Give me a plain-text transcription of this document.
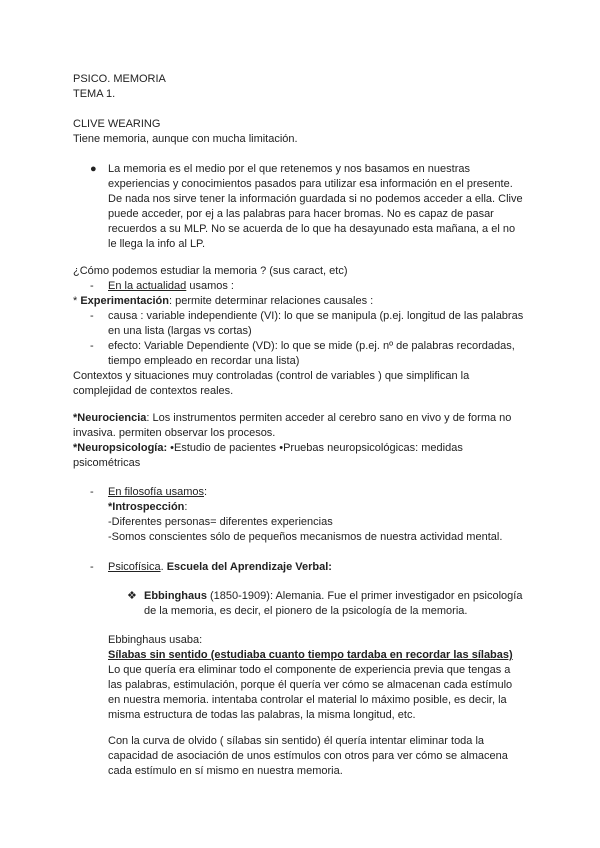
PSICO. MEMORIA
TEMA 1.
CLIVE WEARING
Tiene memoria, aunque con mucha limitación.
● La memoria es el medio por el que retenemos y nos basamos en nuestras
experiencias y conocimientos pasados para utilizar esa información en el presente.
De nada nos sirve tener la información guardada si no podemos acceder a ella. Clive
puede acceder, por ej a las palabras para hacer bromas. No es capaz de pasar
recuerdos a su MLP. No se acuerda de lo que ha desayunado esta mañana, a el no
le llega la info al LP.
¿Cómo podemos estudiar la memoria ? (sus caract, etc)
- En la actualidad usamos :
* Experimentación: permite determinar relaciones causales :
- causa : variable independiente (VI): lo que se manipula (p.ej. longitud de las palabras
en una lista (largas vs cortas)
- efecto: Variable Dependiente (VD): lo que se mide (p.ej. nº de palabras recordadas,
tiempo empleado en recordar una lista)
Contextos y situaciones muy controladas (control de variables ) que simplifican la
complejidad de contextos reales.
*Neurociencia: Los instrumentos permiten acceder al cerebro sano en vivo y de forma no
invasiva. permiten observar los procesos.
*Neuropsicología: •Estudio de pacientes •Pruebas neuropsicológicas: medidas
psicométricas
- En filosofía usamos:
*Introspección:
-Diferentes personas= diferentes experiencias
-Somos conscientes sólo de pequeños mecanismos de nuestra actividad mental.
- Psicofísica. Escuela del Aprendizaje Verbal:
❖ Ebbinghaus (1850-1909): Alemania. Fue el primer investigador en psicología
de la memoria, es decir, el pionero de la psicología de la memoria.
Ebbinghaus usaba:
Sílabas sin sentido (estudiaba cuanto tiempo tardaba en recordar las sílabas)
Lo que quería era eliminar todo el componente de experiencia previa que tengas a
las palabras, estimulación, porque él quería ver cómo se almacenan cada estímulo
en nuestra memoria. intentaba controlar el material lo máximo posible, es decir, la
misma estructura de todas las palabras, la misma longitud, etc.
Con la curva de olvido ( sílabas sin sentido) él quería intentar eliminar toda la
capacidad de asociación de unos estímulos con otros para ver cómo se almacena
cada estímulo en sí mismo en nuestra memoria.
